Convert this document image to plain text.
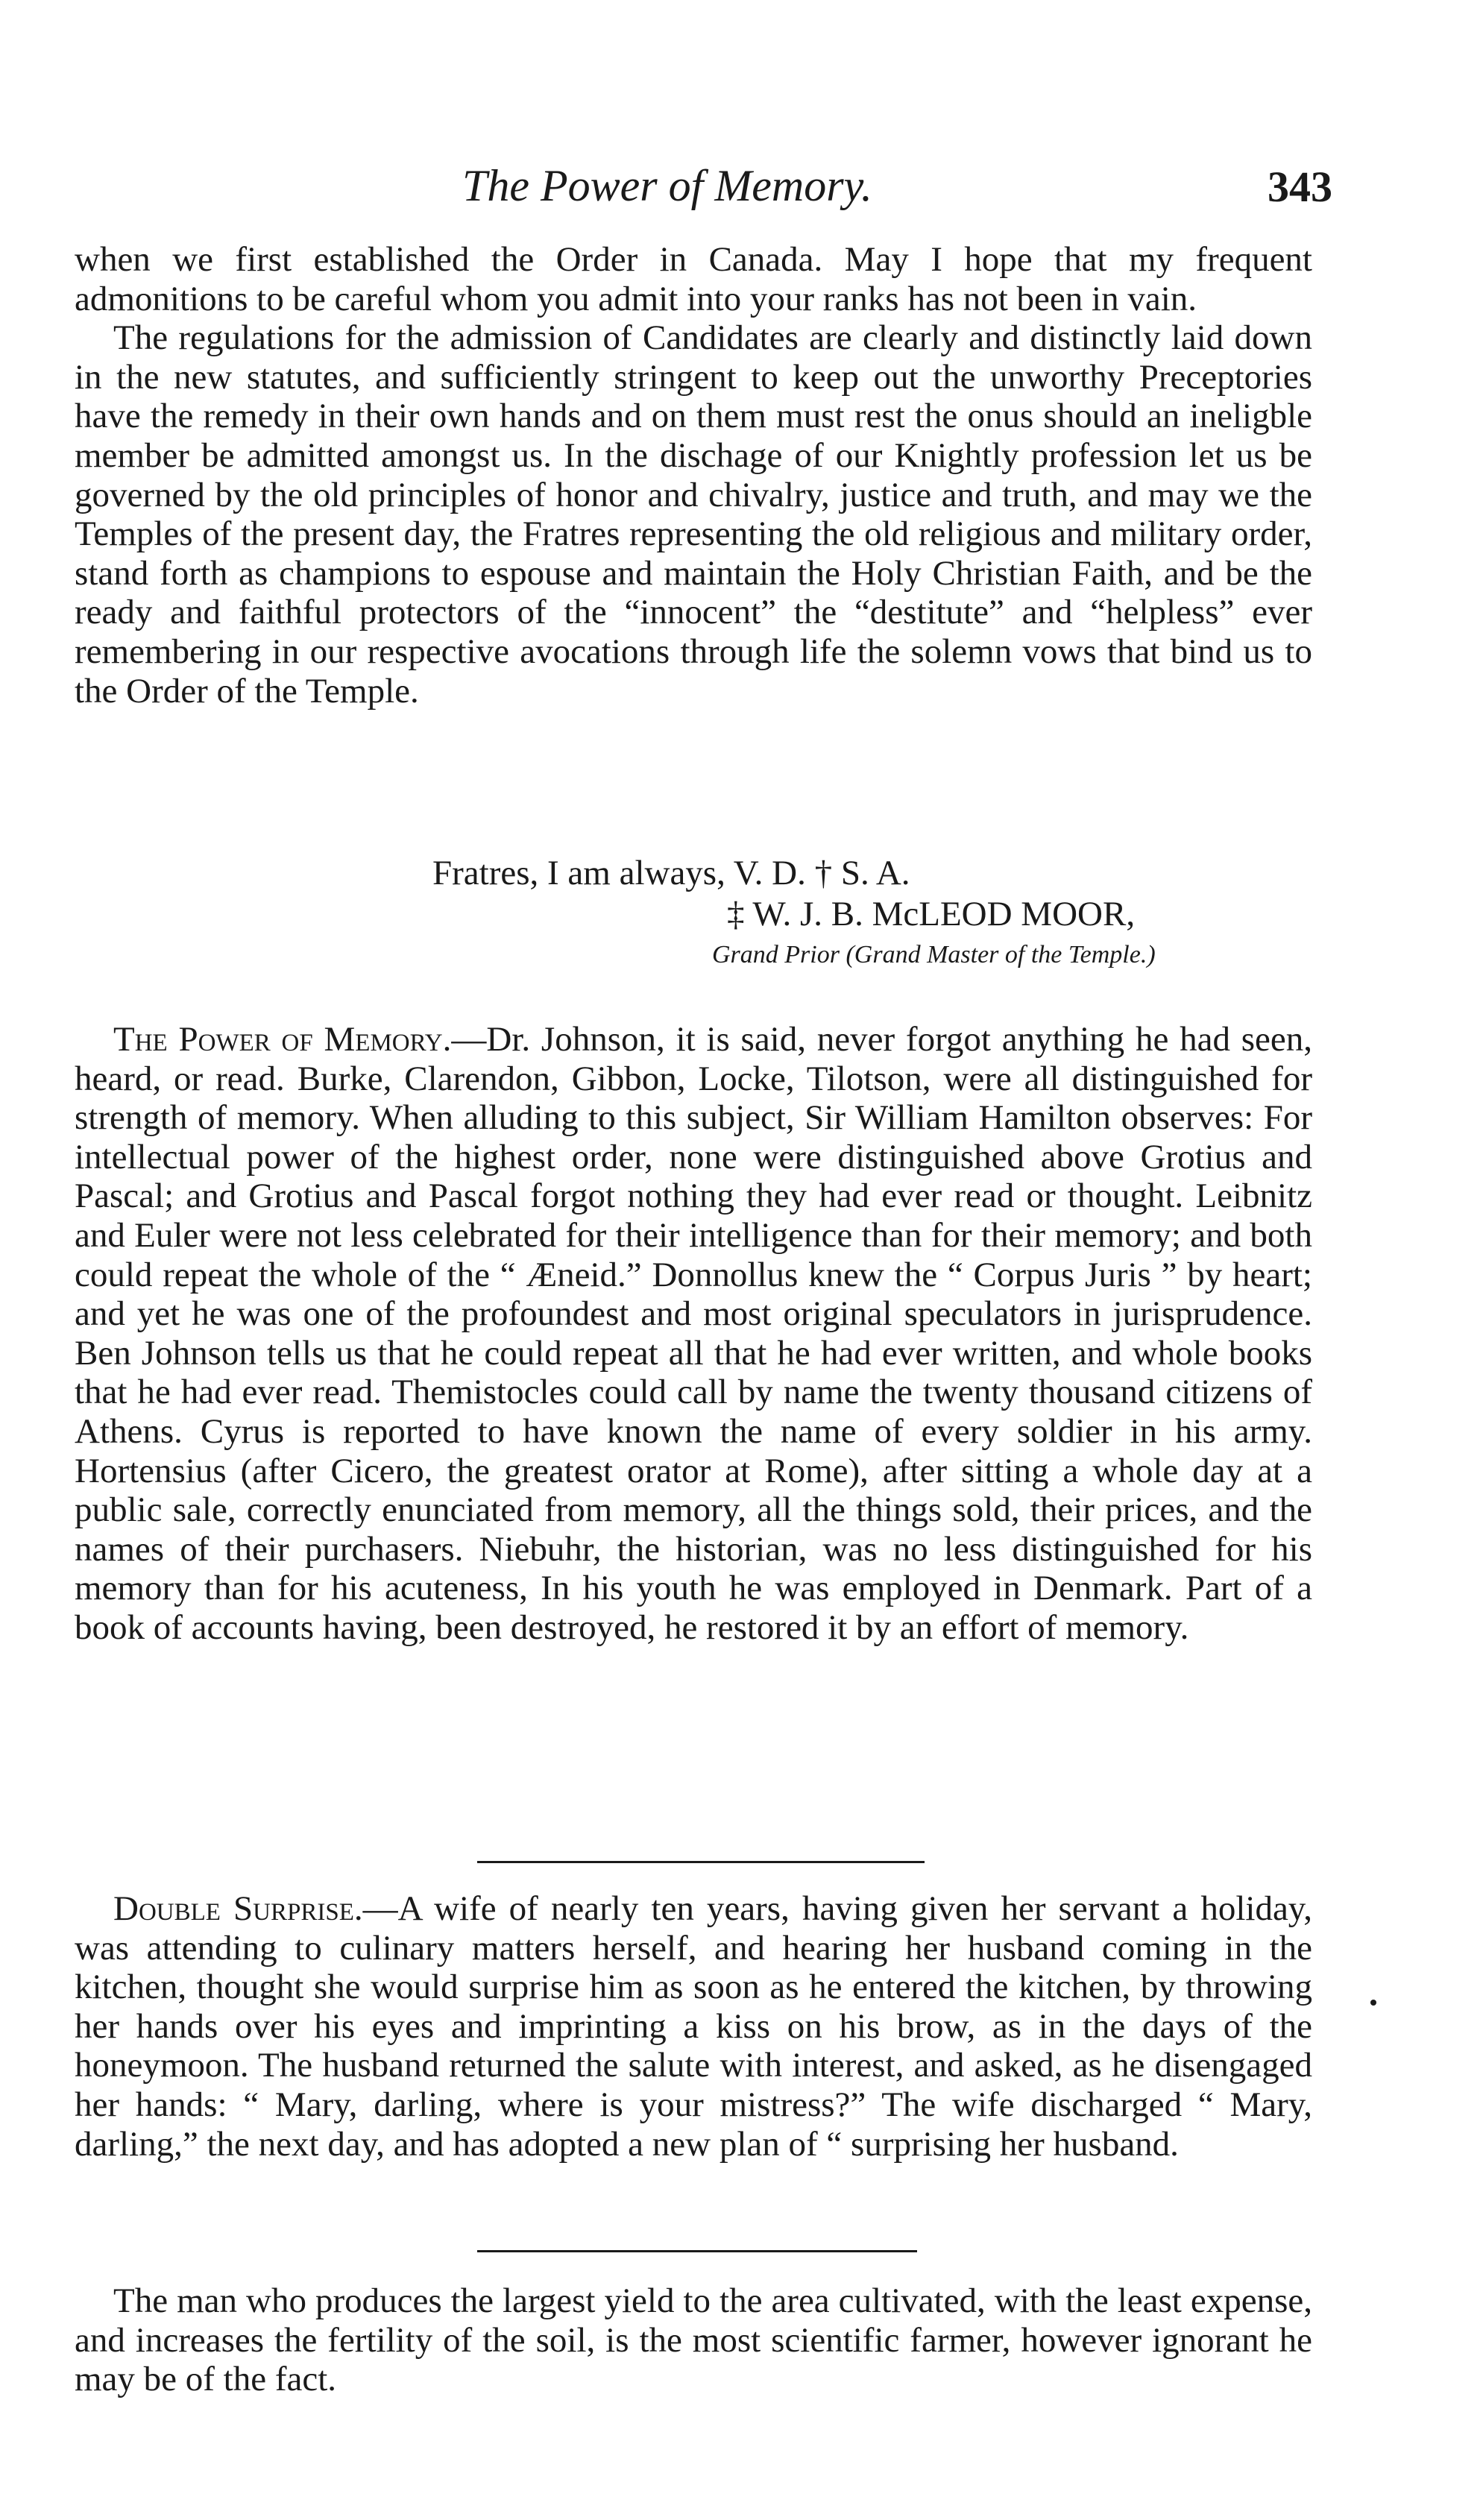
The Power of Memory.	343

when we first established the Order in Canada. May I hope that my frequent admonitions to be careful whom you admit into your ranks has not been in vain.

The regulations for the admission of Candidates are clearly and distinctly laid down in the new statutes, and sufficiently stringent to keep out the unworthy Preceptories have the remedy in their own hands and on them must rest the onus should an ineligble member be admitted amongst us. In the dischage of our Knightly profession let us be governed by the old principles of honor and chivalry, justice and truth, and may we the Temples of the present day, the Fratres representing the old religious and military order, stand forth as champions to espouse and maintain the Holy Christian Faith, and be the ready and faithful protectors of the “innocent” the “destitute” and “helpless” ever remembering in our respective avocations through life the solemn vows that bind us to the Order of the Temple.

Fratres, I am always, V. D. † S. A.
‡ W. J. B. McLEOD MOOR,
Grand Prior (Grand Master of the Temple.)

The Power of Memory.—Dr. Johnson, it is said, never forgot anything he had seen, heard, or read. Burke, Clarendon, Gibbon, Locke, Tilotson, were all distinguished for strength of memory. When alluding to this subject, Sir William Hamilton observes: For intellectual power of the highest order, none were distinguished above Grotius and Pascal; and Grotius and Pascal forgot nothing they had ever read or thought. Leibnitz and Euler were not less celebrated for their intelligence than for their memory; and both could repeat the whole of the “ Æneid.” Donnollus knew the “ Corpus Juris ” by heart; and yet he was one of the profoundest and most original speculators in jurisprudence. Ben Johnson tells us that he could repeat all that he had ever written, and whole books that he had ever read. Themistocles could call by name the twenty thousand citizens of Athens. Cyrus is reported to have known the name of every soldier in his army. Hortensius (after Cicero, the greatest orator at Rome), after sitting a whole day at a public sale, correctly enunciated from memory, all the things sold, their prices, and the names of their purchasers. Niebuhr, the historian, was no less distinguished for his memory than for his acuteness, In his youth he was employed in Denmark. Part of a book of accounts having, been destroyed, he restored it by an effort of memory.

Double Surprise.—A wife of nearly ten years, having given her servant a holiday, was attending to culinary matters herself, and hearing her husband coming in the kitchen, thought she would surprise him as soon as he entered the kitchen, by throwing her hands over his eyes and imprinting a kiss on his brow, as in the days of the honeymoon. The husband returned the salute with interest, and asked, as he disengaged her hands: “ Mary, darling, where is your mistress?” The wife discharged “ Mary, darling,” the next day, and has adopted a new plan of “ surprising her husband.

The man who produces the largest yield to the area cultivated, with the least expense, and increases the fertility of the soil, is the most scientific farmer, however ignorant he may be of the fact.
